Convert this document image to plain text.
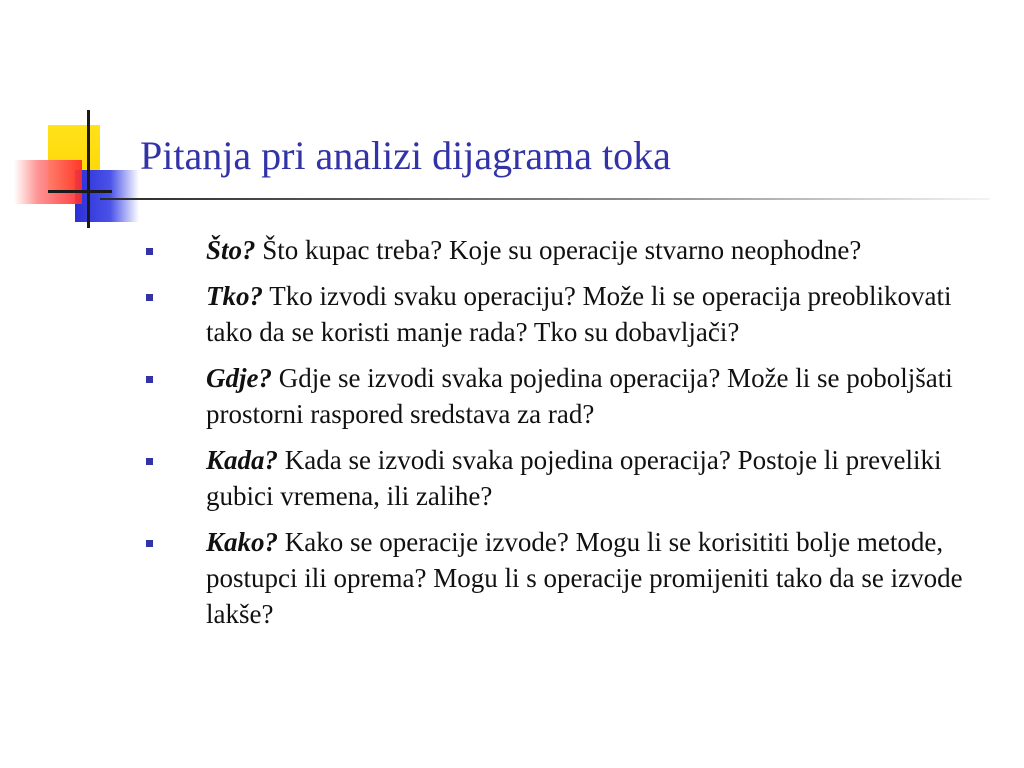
Pitanja pri analizi dijagrama toka
Što? Što kupac treba? Koje su operacije stvarno neophodne?
Tko? Tko izvodi svaku operaciju? Može li se operacija preoblikovati tako da se koristi manje rada? Tko su dobavljači?
Gdje? Gdje se izvodi svaka pojedina operacija? Može li se poboljšati prostorni raspored sredstava za rad?
Kada? Kada se izvodi svaka pojedina operacija? Postoje li preveliki gubici vremena, ili zalihe?
Kako? Kako se operacije izvode? Mogu li se korisititi bolje metode, postupci ili oprema? Mogu li s operacije promijeniti tako da se izvode lakše?
